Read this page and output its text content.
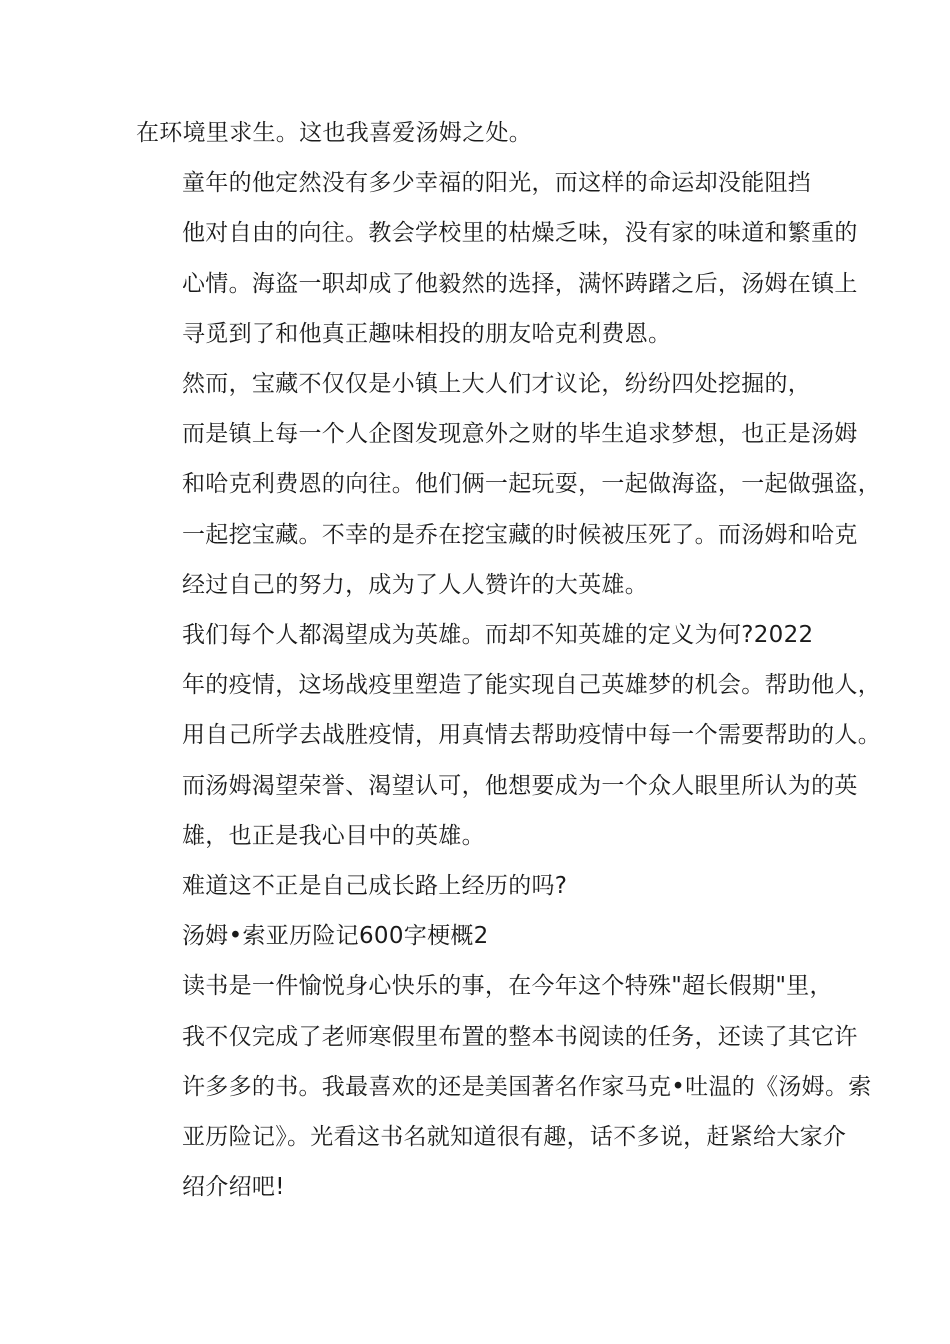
在环境里求生。这也我喜爱汤姆之处。
童年的他定然没有多少幸福的阳光，而这样的命运却没能阻挡
他对自由的向往。教会学校里的枯燥乏味，没有家的味道和繁重的
心情。海盗一职却成了他毅然的选择，满怀踌躇之后，汤姆在镇上
寻觅到了和他真正趣味相投的朋友哈克利费恩。
然而，宝藏不仅仅是小镇上大人们才议论，纷纷四处挖掘的，
而是镇上每一个人企图发现意外之财的毕生追求梦想，也正是汤姆
和哈克利费恩的向往。他们俩一起玩耍，一起做海盗，一起做强盗，
一起挖宝藏。不幸的是乔在挖宝藏的时候被压死了。而汤姆和哈克
经过自己的努力，成为了人人赞许的大英雄。
我们每个人都渴望成为英雄。而却不知英雄的定义为何?2022
年的疫情，这场战疫里塑造了能实现自己英雄梦的机会。帮助他人，
用自己所学去战胜疫情，用真情去帮助疫情中每一个需要帮助的人。
而汤姆渴望荣誉、渴望认可，他想要成为一个众人眼里所认为的英
雄，也正是我心目中的英雄。
难道这不正是自己成长路上经历的吗?
汤姆•索亚历险记600字梗概2
读书是一件愉悦身心快乐的事，在今年这个特殊"超长假期"里，
我不仅完成了老师寒假里布置的整本书阅读的任务，还读了其它许
许多多的书。我最喜欢的还是美国著名作家马克•吐温的《汤姆。索
亚历险记》。光看这书名就知道很有趣，话不多说，赶紧给大家介
绍介绍吧!
